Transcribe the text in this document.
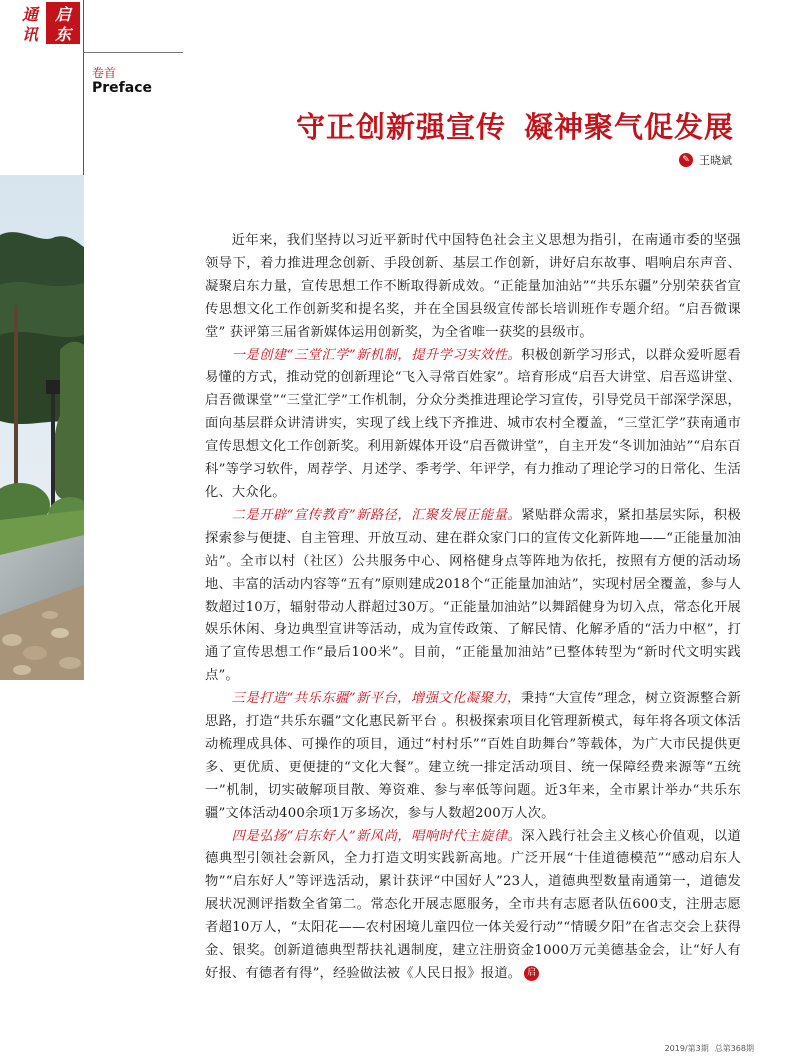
通
讯
启
东
卷首
Preface
守正创新强宣传 凝神聚气促发展
✎ 王晓斌

近年来，我们坚持以习近平新时代中国特色社会主义思想为指引，在南通市委的坚强领导下，着力推进理念创新、手段创新、基层工作创新，讲好启东故事、唱响启东声音、凝聚启东力量，宣传思想工作不断取得新成效。“正能量加油站”“共乐东疆”分别荣获省宣传思想文化工作创新奖和提名奖，并在全国县级宣传部长培训班作专题介绍。“启吾微课堂” 获评第三届省新媒体运用创新奖，为全省唯一获奖的县级市。

一是创建“三堂汇学”新机制，提升学习实效性。积极创新学习形式，以群众爱听愿看易懂的方式，推动党的创新理论“飞入寻常百姓家”。培育形成“启吾大讲堂、启吾巡讲堂、启吾微课堂”“三堂汇学”工作机制，分众分类推进理论学习宣传，引导党员干部深学深思，面向基层群众讲清讲实，实现了线上线下齐推进、城市农村全覆盖，“三堂汇学”获南通市宣传思想文化工作创新奖。利用新媒体开设“启吾微讲堂”，自主开发“冬训加油站”“启东百科”等学习软件，周荐学、月述学、季考学、年评学，有力推动了理论学习的日常化、生活化、大众化。

二是开辟“宣传教育”新路径，汇聚发展正能量。紧贴群众需求，紧扣基层实际，积极探索参与便捷、自主管理、开放互动、建在群众家门口的宣传文化新阵地——“正能量加油站”。全市以村（社区）公共服务中心、网格健身点等阵地为依托，按照有方便的活动场地、丰富的活动内容等“五有”原则建成2018个“正能量加油站”，实现村居全覆盖，参与人数超过10万，辐射带动人群超过30万。“正能量加油站”以舞蹈健身为切入点，常态化开展娱乐休闲、身边典型宣讲等活动，成为宣传政策、了解民情、化解矛盾的“活力中枢”，打通了宣传思想工作“最后100米”。目前，“正能量加油站”已整体转型为“新时代文明实践点”。

三是打造“共乐东疆”新平台，增强文化凝聚力，秉持“大宣传”理念，树立资源整合新思路，打造“共乐东疆”文化惠民新平台 。积极探索项目化管理新模式，每年将各项文体活动梳理成具体、可操作的项目，通过“村村乐”“百姓自助舞台”等载体，为广大市民提供更多、更优质、更便捷的“文化大餐”。建立统一排定活动项目、统一保障经费来源等“五统一”机制，切实破解项目散、筹资难、参与率低等问题。近3年来，全市累计举办“共乐东疆”文体活动400余项1万多场次，参与人数超200万人次。

四是弘扬“启东好人”新风尚，唱响时代主旋律。深入践行社会主义核心价值观，以道德典型引领社会新风，全力打造文明实践新高地。广泛开展“十佳道德模范”“感动启东人物”“启东好人”等评选活动，累计获评“中国好人”23人，道德典型数量南通第一，道德发展状况测评指数全省第二。常态化开展志愿服务，全市共有志愿者队伍600支，注册志愿者超10万人，“太阳花——农村困境儿童四位一体关爱行动”“情暖夕阳”在省志交会上获得金、银奖。创新道德典型帮扶礼遇制度，建立注册资金1000万元美德基金会，让“好人有好报、有德者有得”，经验做法被《人民日报》报道。 启

2019/第3期 总第368期
